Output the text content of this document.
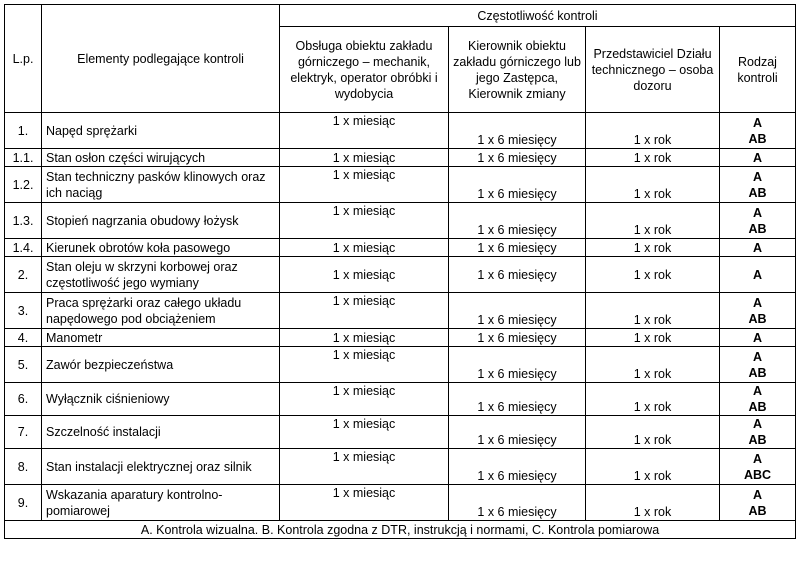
L.p.	Elementy podlegające kontroli	Częstotliwość kontroli			
		Obsługa obiektu zakładu górniczego – mechanik, elektryk, operator obróbki i wydobycia	Kierownik obiektu zakładu górniczego lub jego Zastępca, Kierownik zmiany	Przedstawiciel Działu technicznego – osoba dozoru	Rodzaj kontroli
1.	Napęd sprężarki	1 x miesiąc	1 x 6 miesięcy	1 x rok	A
AB

1.1.	Stan osłon części wirujących	1 x miesiąc	1 x 6 miesięcy	1 x rok	A

1.2.	Stan techniczny pasków klinowych oraz ich naciąg	1 x miesiąc	1 x 6 miesięcy	1 x rok	A
AB

1.3.	Stopień nagrzania obudowy łożysk	1 x miesiąc	1 x 6 miesięcy	1 x rok	A
AB

1.4.	Kierunek obrotów koła pasowego	1 x miesiąc	1 x 6 miesięcy	1 x rok	A

2.	Stan oleju w skrzyni korbowej oraz częstotliwość jego wymiany	1 x miesiąc	1 x 6 miesięcy	1 x rok	A

3.	Praca sprężarki oraz całego układu napędowego pod obciążeniem	1 x miesiąc	1 x 6 miesięcy	1 x rok	A
AB

4.	Manometr	1 x miesiąc	1 x 6 miesięcy	1 x rok	A

5.	Zawór bezpieczeństwa	1 x miesiąc	1 x 6 miesięcy	1 x rok	A
AB

6.	Wyłącznik ciśnieniowy	1 x miesiąc	1 x 6 miesięcy	1 x rok	A
AB

7.	Szczelność instalacji	1 x miesiąc	1 x 6 miesięcy	1 x rok	A
AB

8.	Stan instalacji elektrycznej oraz silnik	1 x miesiąc	1 x 6 miesięcy	1 x rok	A
ABC

9.	Wskazania aparatury kontrolno-pomiarowej	1 x miesiąc	1 x 6 miesięcy	1 x rok	A
AB

A. Kontrola wizualna. B. Kontrola zgodna z DTR, instrukcją i normami, C. Kontrola pomiarowa					
